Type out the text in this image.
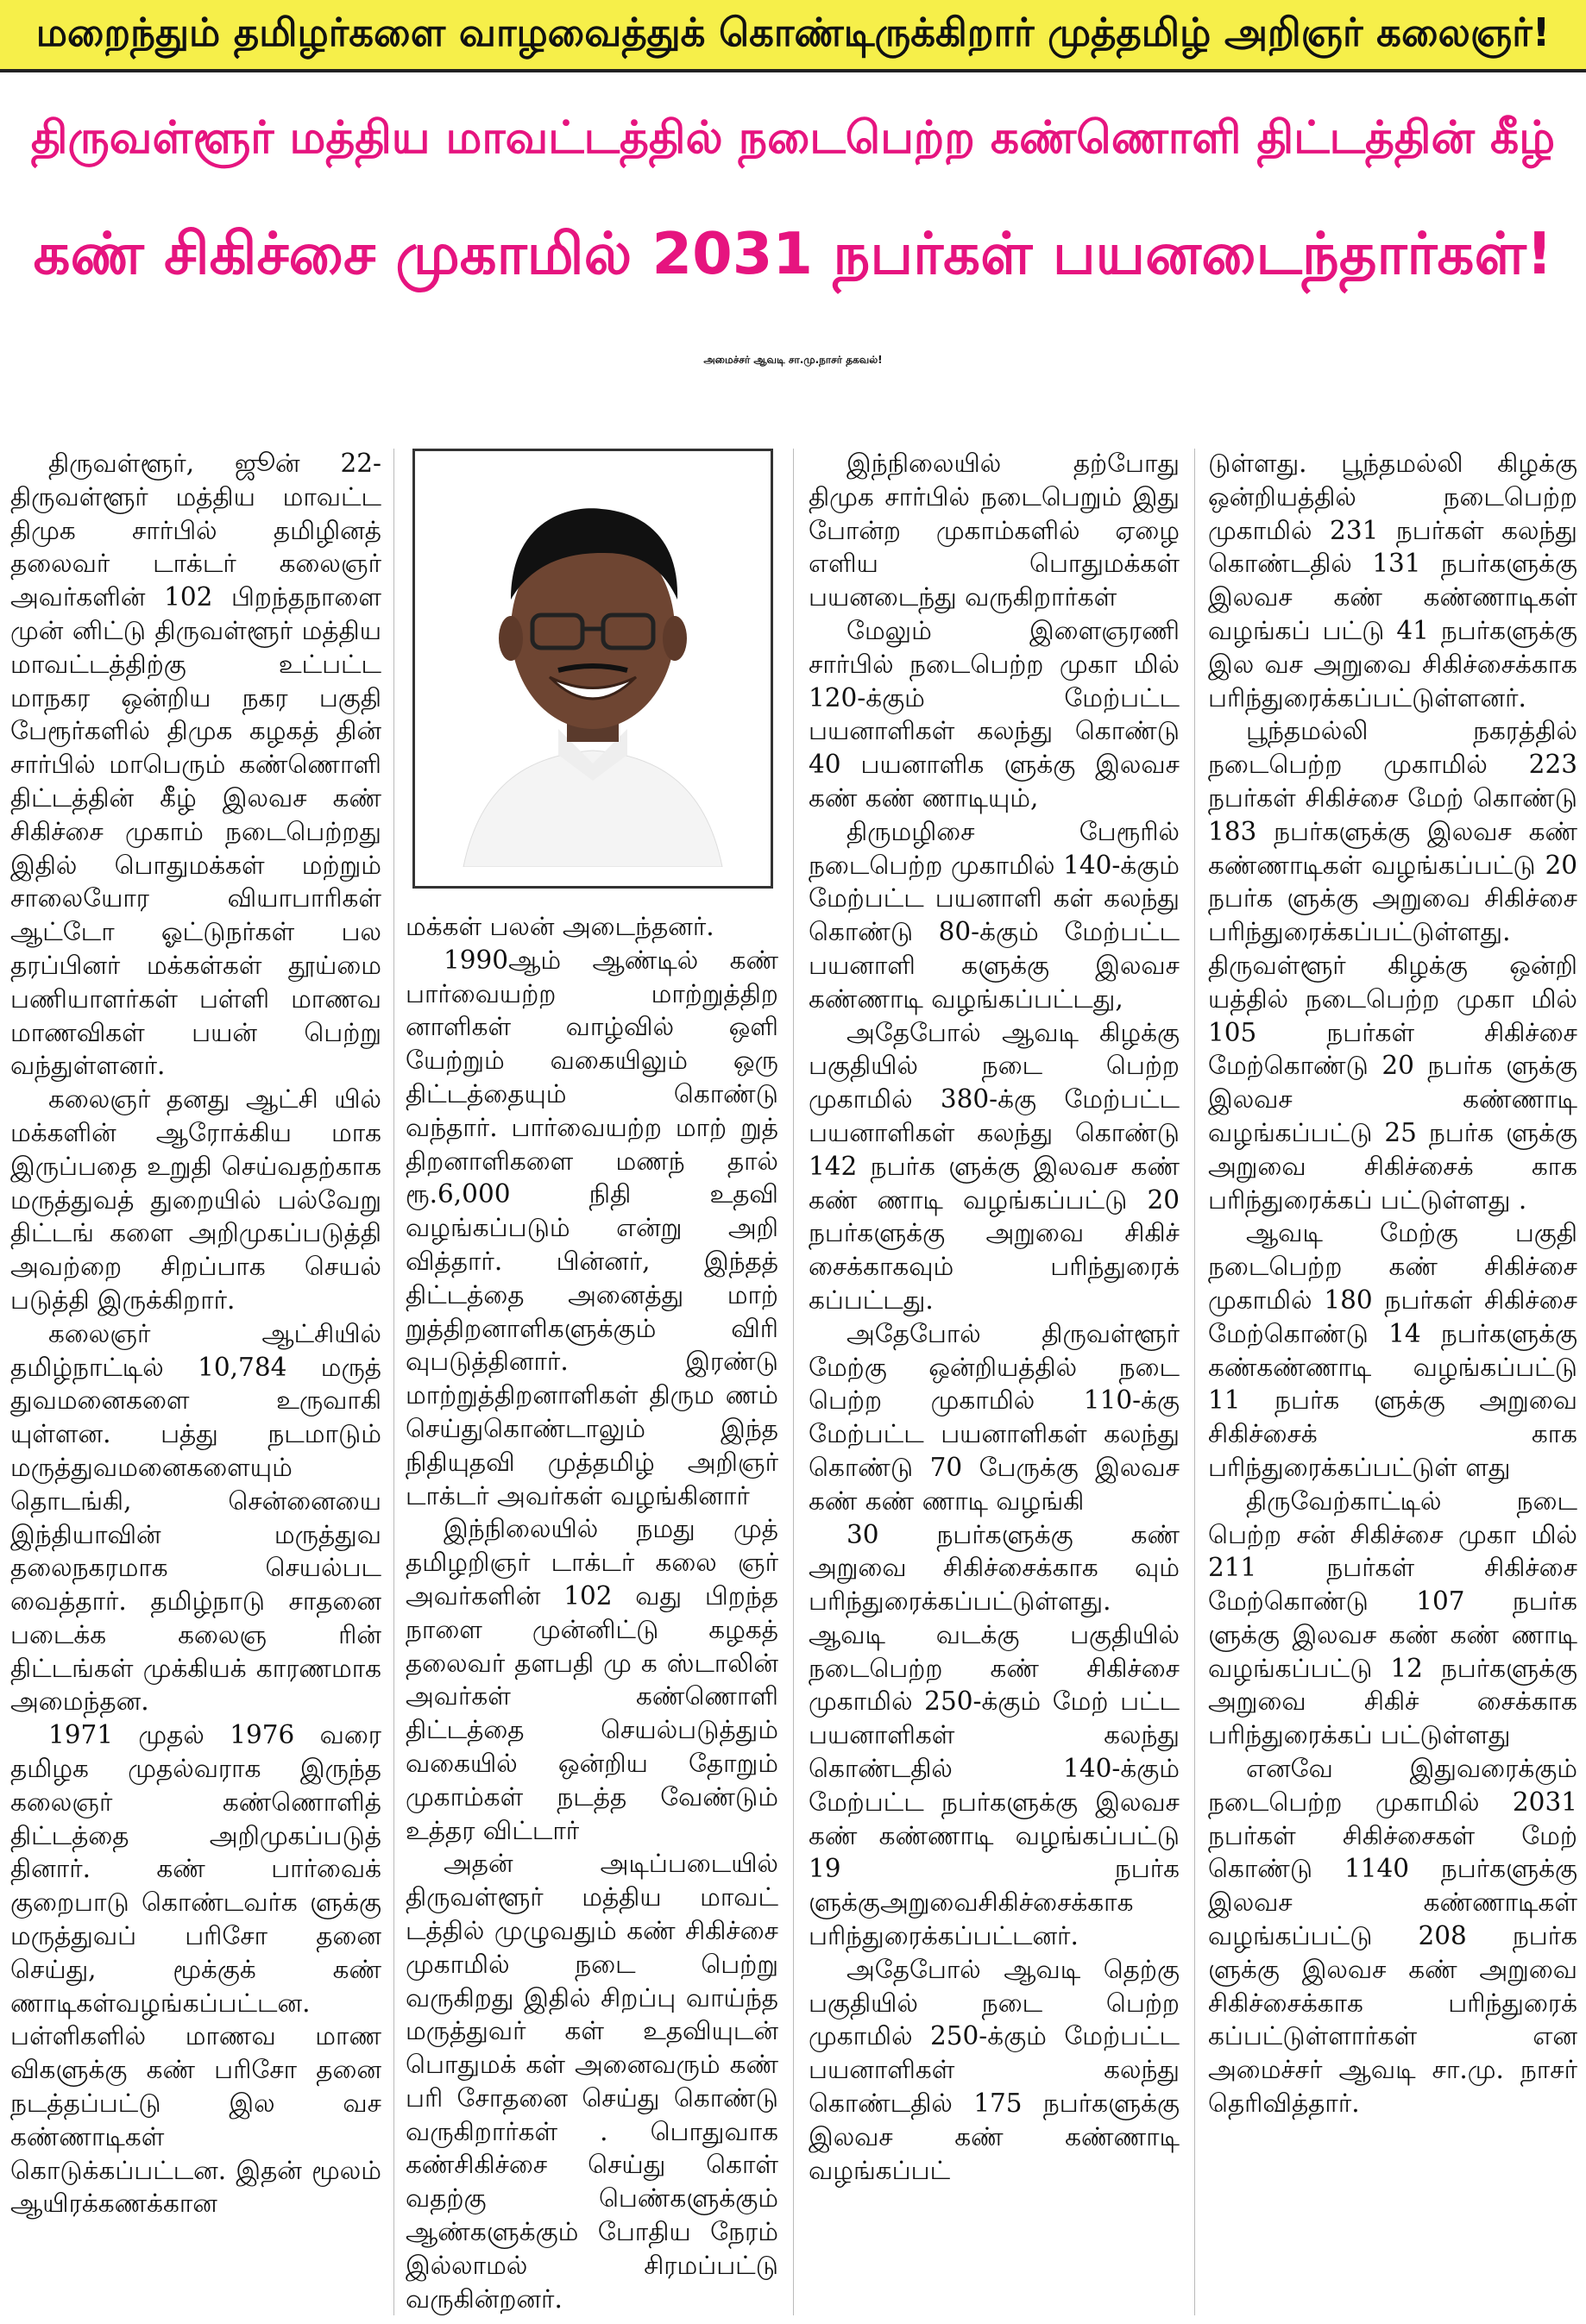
மறைந்தும் தமிழர்களை வாழவைத்துக் கொண்டிருக்கிறார் முத்தமிழ் அறிஞர் கலைஞர்!
திருவள்ளூர் மத்திய மாவட்டத்தில் நடைபெற்ற கண்ணொளி திட்டத்தின் கீழ்
கண் சிகிச்சை முகாமில் 2031 நபர்கள் பயனடைந்தார்கள்!
அமைச்சர் ஆவடி சா.மு.நாசர் தகவல்!

திருவள்ளூர், ஜூன் 22- திருவள்ளூர் மத்திய மாவட்ட திமுக சார்பில் தமிழினத் தலைவர் டாக்டர் கலைஞர் அவர்களின் 102 பிறந்தநாளை முன் னிட்டு திருவள்ளூர் மத்திய மாவட்டத்திற்கு உட்பட்ட மாநகர ஒன்றிய நகர பகுதி பேரூர்களில் திமுக கழகத் தின் சார்பில் மாபெரும் கண்ணொளி திட்டத்தின் கீழ் இலவச கண் சிகிச்சை முகாம் நடைபெற்றது இதில் பொதுமக்கள் மற்றும் சாலையோர வியாபாரிகள் ஆட்டோ ஓட்டுநர்கள் பல தரப்பினர் மக்கள்கள் தூய்மை பணியாளர்கள் பள்ளி மாணவ மாணவிகள் பயன் பெற்று வந்துள்ளனர்.

கலைஞர் தனது ஆட்சி யில் மக்களின் ஆரோக்கிய மாக இருப்பதை உறுதி செய்வதற்காக மருத்துவத் துறையில் பல்வேறு திட்டங் களை அறிமுகப்படுத்தி அவற்றை சிறப்பாக செயல் படுத்தி இருக்கிறார்.

கலைஞர் ஆட்சியில் தமிழ்நாட்டில் 10,784 மருத் துவமனைகளை உருவாகி யுள்ளன. பத்து நடமாடும் மருத்துவமனைகளையும் தொடங்கி, சென்னையை இந்தியாவின் மருத்துவ தலைநகரமாக செயல்பட வைத்தார். தமிழ்நாடு சாதனை படைக்க கலைஞ ரின் திட்டங்கள் முக்கியக் காரணமாக அமைந்தன.

1971 முதல் 1976 வரை தமிழக முதல்வராக இருந்த கலைஞர் கண்ணொளித் திட்டத்தை அறிமுகப்படுத் தினார். கண் பார்வைக் குறைபாடு கொண்டவர்க ளுக்கு மருத்துவப் பரிசோ தனை செய்து, மூக்குக் கண் ணாடிகள்வழங்கப்பட்டன. பள்ளிகளில் மாணவ மாண விகளுக்கு கண் பரிசோ தனை நடத்தப்பட்டு இல வச கண்ணாடிகள் கொடுக்கப்பட்டன. இதன் மூலம் ஆயிரக்கணக்கான

மக்கள் பலன் அடைந்தனர்.

1990ஆம் ஆண்டில் கண் பார்வையற்ற மாற்றுத்திற னாளிகள் வாழ்வில் ஒளி யேற்றும் வகையிலும் ஒரு திட்டத்தையும் கொண்டு வந்தார். பார்வையற்ற மாற் றுத் திறனாளிகளை மணந் தால் ரூ.6,000 நிதி உதவி வழங்கப்படும் என்று அறி வித்தார். பின்னர், இந்தத் திட்டத்தை அனைத்து மாற் றுத்திறனாளிகளுக்கும் விரி வுபடுத்தினார். இரண்டு மாற்றுத்திறனாளிகள் திரும ணம் செய்துகொண்டாலும் இந்த நிதியுதவி முத்தமிழ் அறிஞர் டாக்டர் அவர்கள் வழங்கினார்

இந்நிலையில் நமது முத் தமிழறிஞர் டாக்டர் கலை ஞர் அவர்களின் 102 வது பிறந்த நாளை முன்னிட்டு கழகத் தலைவர் தளபதி மு க ஸ்டாலின் அவர்கள் கண்ணொளி திட்டத்தை செயல்படுத்தும் வகையில் ஒன்றிய தோறும் முகாம்கள் நடத்த வேண்டும் உத்தர விட்டார்

அதன் அடிப்படையில் திருவள்ளூர் மத்திய மாவட் டத்தில் முழுவதும் கண் சிகிச்சை முகாமில் நடை பெற்று வருகிறது இதில் சிறப்பு வாய்ந்த மருத்துவர் கள் உதவியுடன் பொதுமக் கள் அனைவரும் கண் பரி சோதனை செய்து கொண்டு வருகிறார்கள் . பொதுவாக கண்சிகிச்சை செய்து கொள் வதற்கு பெண்களுக்கும் ஆண்களுக்கும் போதிய நேரம் இல்லாமல் சிரமப்பட்டு வருகின்றனர்.

இந்நிலையில் தற்போது திமுக சார்பில் நடைபெறும் இது போன்ற முகாம்களில் ஏழை எளிய பொதுமக்கள் பயனடைந்து வருகிறார்கள்

மேலும் இளைஞரணி சார்பில் நடைபெற்ற முகா மில் 120-க்கும் மேற்பட்ட பயனாளிகள் கலந்து கொண்டு 40 பயனாளிக ளுக்கு இலவச கண் கண் ணாடியும்,

திருமழிசை பேரூரில் நடைபெற்ற முகாமில் 140-க்கும் மேற்பட்ட பயனாளி கள் கலந்து கொண்டு 80-க்கும் மேற்பட்ட பயனாளி களுக்கு இலவச கண்ணாடி வழங்கப்பட்டது,

அதேபோல் ஆவடி கிழக்கு பகுதியில் நடை பெற்ற முகாமில் 380-க்கு மேற்பட்ட பயனாளிகள் கலந்து கொண்டு 142 நபர்க ளுக்கு இலவச கண் கண் ணாடி வழங்கப்பட்டு 20 நபர்களுக்கு அறுவை சிகிச் சைக்காகவும் பரிந்துரைக் கப்பட்டது.

அதேபோல் திருவள்ளூர் மேற்கு ஒன்றியத்தில் நடை பெற்ற முகாமில் 110-க்கு மேற்பட்ட பயனாளிகள் கலந்து கொண்டு 70 பேருக்கு இலவச கண் கண் ணாடி வழங்கி

30 நபர்களுக்கு கண் அறுவை சிகிச்சைக்காக வும் பரிந்துரைக்கப்பட்டுள்ளது. ஆவடி வடக்கு பகுதியில் நடைபெற்ற கண் சிகிச்சை முகாமில் 250-க்கும் மேற் பட்ட பயனாளிகள் கலந்து கொண்டதில் 140-க்கும் மேற்பட்ட நபர்களுக்கு இலவச கண் கண்ணாடி வழங்கப்பட்டு 19 நபர்க ளுக்குஅறுவைசிகிச்சைக்காக பரிந்துரைக்கப்பட்டனர்.

அதேபோல் ஆவடி தெற்கு பகுதியில் நடை பெற்ற முகாமில் 250-க்கும் மேற்பட்ட பயனாளிகள் கலந்து கொண்டதில் 175 நபர்களுக்கு இலவச கண் கண்ணாடி வழங்கப்பட்

டுள்ளது. பூந்தமல்லி கிழக்கு ஒன்றியத்தில் நடைபெற்ற முகாமில் 231 நபர்கள் கலந்து கொண்டதில் 131 நபர்களுக்கு இலவச கண் கண்ணாடிகள் வழங்கப் பட்டு 41 நபர்களுக்கு இல வச அறுவை சிகிச்சைக்காக பரிந்துரைக்கப்பட்டுள்ளனர்.

பூந்தமல்லி நகரத்தில் நடைபெற்ற முகாமில் 223 நபர்கள் சிகிச்சை மேற் கொண்டு 183 நபர்களுக்கு இலவச கண் கண்ணாடிகள் வழங்கப்பட்டு 20 நபர்க ளுக்கு அறுவை சிகிச்சை பரிந்துரைக்கப்பட்டுள்ளது. திருவள்ளூர் கிழக்கு ஒன்றி யத்தில் நடைபெற்ற முகா மில் 105 நபர்கள் சிகிச்சை மேற்கொண்டு 20 நபர்க ளுக்கு இலவச கண்ணாடி வழங்கப்பட்டு 25 நபர்க ளுக்கு அறுவை சிகிச்சைக் காக பரிந்துரைக்கப் பட்டுள்ளது .

ஆவடி மேற்கு பகுதி நடைபெற்ற கண் சிகிச்சை முகாமில் 180 நபர்கள் சிகிச்சை மேற்கொண்டு 14 நபர்களுக்கு கண்கண்ணாடி வழங்கப்பட்டு 11 நபர்க ளுக்கு அறுவை சிகிச்சைக் காக பரிந்துரைக்கப்பட்டுள் ளது

திருவேற்காட்டில் நடை பெற்ற சன் சிகிச்சை முகா மில் 211 நபர்கள் சிகிச்சை மேற்கொண்டு 107 நபர்க ளுக்கு இலவச கண் கண் ணாடி வழங்கப்பட்டு 12 நபர்களுக்கு அறுவை சிகிச் சைக்காக பரிந்துரைக்கப் பட்டுள்ளது

எனவே இதுவரைக்கும் நடைபெற்ற முகாமில் 2031 நபர்கள் சிகிச்சைகள் மேற் கொண்டு 1140 நபர்களுக்கு இலவச கண்ணாடிகள் வழங்கப்பட்டு 208 நபர்க ளுக்கு இலவச கண் அறுவை சிகிச்சைக்காக பரிந்துரைக் கப்பட்டுள்ளார்கள் என அமைச்சர் ஆவடி சா.மு. நாசர் தெரிவித்தார்.
